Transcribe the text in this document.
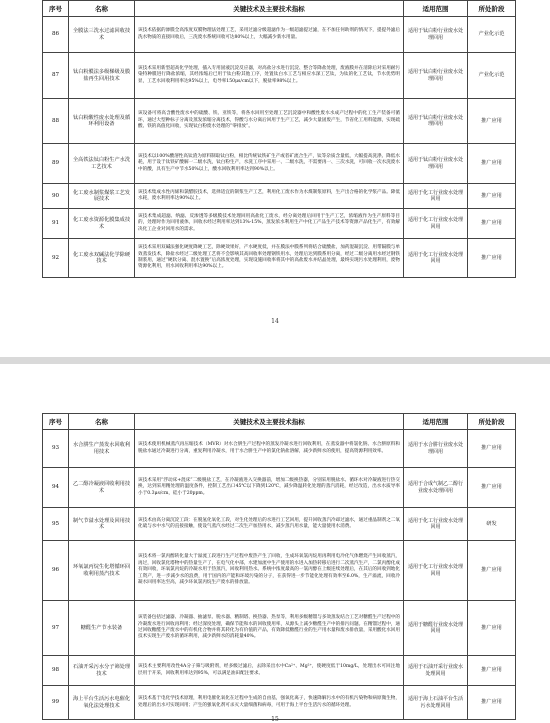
序号	名称	关键技术及主要技术指标	适用范围	所处阶段
86	全膜法三洗水过滤回收技术	该技术依据的渗膜全高浓度双膜物理法处理工艺，采用过滤分级超滤作为一级超滤提过滤，在不加任何助剂的情况下，提提外滤后洗水物质的直接回收后，三洗废水系统回收可达80%以上，大幅减少新水用量。	适用于钛白粉行业废水处理回用	产业化示范
87	钛白粉膜法多级梯级及膜盐再生回用技术	该技术采用新型超高化学处理，插入专用固液沉淀反应器，对高盐分水进行沉淀、整合等降盐处理，废液膜并在清除后对采用耐污染特种膜进行降盐浓缩，其经浓缩后已用于钛白粉其他工序，处置钛白水工艺与相应水深工艺钛，为钛的化工艺钛，节水优势明显，工艺水回收利用率达95%以上，电导率150μs/cm以下，脱盐率98%以上。	适用于钛白粉行业废水处理回用	产业化示范
88	钛白粉酸性废水处理及循环利用设备	该设备可将高含酸性废水中的硫酸、铁、亚铁等，将各水回用至处理工艺沉淀器中和酸性废水水成产过程中的化工生产装备可循环，通过大型种标子分离及蒸发浓缩分离技术，得酸与水分离后回用于生产工艺，减少大量固废产生，节省化工用料能源，实现硫酸、铁的高值化回收，实现钛白粉废水处理的“零排放”。	适用于钛白粉行业废水处理回用	推广应用
89	全高铁法钛白粉生产水洗工艺技术	该技术以100%酸溶性高钛渣为原料制取钛白粉，相比传统钛铁矿生产或者矿流合生产，钛等杂质含量低，大幅提高洗涤、降低水耗，用于设于钛铁矿酸解一二级水洗，钛白粉生产，水洗工序中采用一、二级水洗，不需要再一、三次水洗，可回收一次水洗废水中的酸，具有生产中节水50%以上，酸水回收利用率达到90%以上。	适用于钛白粉行业废水处理回用	推广应用
90	化工废水制浆煤浆工艺发展技术	该技术集成水性丙烯和氯醋胶技术，选择适宜的制浆生产工艺，利用化工废水作为水煤制浆原料，生产出合格的化学浆产品。降低水耗，废水利用率达90%以上。	适用于化工行业废水处理回用	推广应用
91	化工废水资源化膜集成技术	该技术集成超滤、纳滤、反渗透等多级膜技术处理回用高盐化工废水，经分离处理后回用于生产工艺，浓缩液作为生产原料等目的，处理时作为回用液体，回收水经过利用率达到13%-15%，蒸发浓水利用生产中化工产品生产技术等资源产品化生产，有效解决化工企业对回用水的需求。	适用于化工行业废水处理回用	推广应用
92	化工废水双碱法化学除硬技术	该技术采用双碱法强化硬度降硬工艺，除硬效果好，产水硬度低，并在膜法中膜系列将结合硫酸盐，加药混凝沉淀、用带隔膜与单效蒸发技术，除盐水经过二级处理工艺将不会影响其高回收率处理钢铁用水，处理后达到膜系用分离，经过二级分离用水经过钢铁制浆用，通过“硬软分离、混水置换”后高浓度处理，实现设施回收率将其中的高盐废水并结晶处理，最终实现污水处理利用，废物资源化利用，用水回收利用率达90%以上。	适用于化工行业废水处理回用	推广应用
14
序号	名称	关键技术及主要技术指标	适用范围	所处阶段
93	水合肼生产蒸发水回收利用技术	该技术使用机械蒸汽再压缩技术（MVR）对水合肼生产过程中的蒸发冷凝水进行回收利用，在蒸发器中将氯化钠、水合肼原料和脱盐水通过冷凝进行分离，重复利用冷凝水，用于水合肼生产中的氯化钠盐溶解，减少新鲜水的使用，提高资源利用效率。	适用于水合肼行业废水处理回用	推广应用
94	乙二醇冷凝液回收利用技术	该技术采用“浮动床+混床”二级脱盐工艺，在冷凝液进入交换器前，增加二级换热器，分别采用脱盐水、循环水对冷凝液进行热交换，达到采用精处理的温度条件，控制工艺出口45℃以下降到120℃，减少降温转化处理的蒸汽消耗，经过改造，出水水质导率小于0.3μs/cm，硅小于20ppm。	适用于合成气制乙二醇行业废水处理回用	推广应用
95	制气节溢水处理及回用技术	该技术由高分离沉淀工段：在脱氢化氧化工段，对生化处理后的水进行工艺回用，提升回收蒸汽冷却过滤水，通过重晶制剂之二氧化硫与水中水气的直接接触，使设气蒸汽水经过二次生产加热用水，减少蒸汽用水量，能大量使用水消费。	适用于化工行业废水处理回用	研发
96	环氧氯丙烷生化塔循环回收利用蒸汽技术	该技术将一氯丙醇转化量大于溢流工段进行生产过程中废热产生了回收，生成环氧氯丙烷用再利用电冷化气体燃烧产生回收蒸汽，再过，回收氯化塔物中的热量生产了，在电气化中部，水建加流中生产使用的水进入加热转移后进行二次蒸汽生产，二氯丙醇化成有效回收，环氧氯丙烷的冷凝水用于热蒸汽，回收利用热水。系统中浓度最高的一氯丙醇在上级连续处理后，在其后的回收到地化工资产，进一步减少水的浪费，用于国内的产能和环境污染的分子，在获得进一步节能化处理有效率至6.0%，生产溢流，回收冷凝水回用率达至高，减少环氧氯丙烷生产废水的排放量。	适用于化工行业废水处理回用	推广应用
97	糖醛生产节水装备	该装备包括过滤器、冷凝器、抽滤泵、脱水器、精制塔、换热器、热泵等，利用多级精馏与多效蒸发结合工艺对糖醛生产过程中的冷凝废水进行回收再利用；经过深度处理，确保节能和水的回收使用率，从源头上减少糖醛生产中的排污问题。在精馏过程中，通过回收糖醛生产废水中的有机化合物并将其转化为有价值的产品，有效降低糖醛行业的生产用水量和废水排放量，采用酸化水回用技术实现生产废水的循环利用，减少新鲜水的消耗量40%。	适用于糖醛行业废水处理回用	推广应用
98	石油开采污水分子筛处理技术	该技术主要利用改性4A分子筛与吸附剂，经多级过滤后，去除采出水中Ca²⁺、Mg²⁺，使硬度低于10mg/L，处理出水可回注地层用于开采，回收利用率达到95%，可以满足油田配注要求。	适用于石油开采行业废水处理回用	推广应用
99	海上平台生活污水电催化氧化法处理技术	该技术基于电化学技术原理，利用电催化氧化在过程中生成的自由基，强氧化离子，快速降解污水中的有机污染物和病原微生物，处理后的出水可实现回用；产生的强氧化剂可杀灭大量细菌和病毒，可用于海上平台生活污水的循环处理。	适用于海上石油平台生活污水处理回用	推广应用
15
